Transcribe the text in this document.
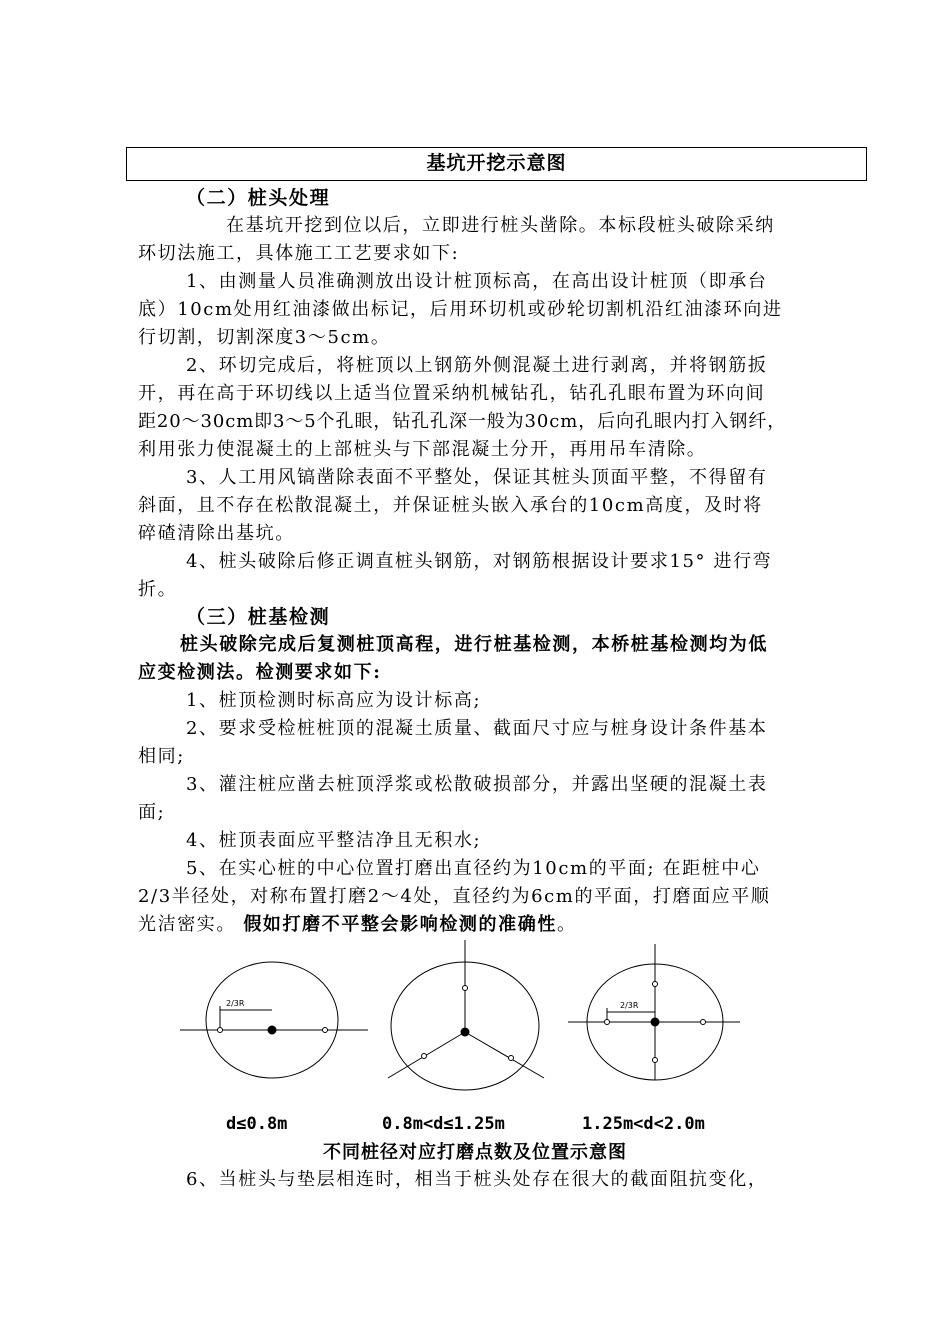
基坑开挖示意图
（二）桩头处理
在基坑开挖到位以后，立即进行桩头凿除。本标段桩头破除采纳
环切法施工，具体施工工艺要求如下:
1、由测量人员准确测放出设计桩顶标高，在高出设计桩顶（即承台
底）10cm处用红油漆做出标记，后用环切机或砂轮切割机沿红油漆环向进
行切割，切割深度3～5cm。
2、环切完成后，将桩顶以上钢筋外侧混凝土进行剥离，并将钢筋扳
开，再在高于环切线以上适当位置采纳机械钻孔，钻孔孔眼布置为环向间
距20～30cm即3～5个孔眼，钻孔孔深一般为30cm，后向孔眼内打入钢纤，
利用张力使混凝土的上部桩头与下部混凝土分开，再用吊车清除。
3、人工用风镐凿除表面不平整处，保证其桩头顶面平整，不得留有
斜面，且不存在松散混凝土，并保证桩头嵌入承台的10cm高度，及时将
碎碴清除出基坑。
4、桩头破除后修正调直桩头钢筋，对钢筋根据设计要求15° 进行弯
折。
（三）桩基检测
桩头破除完成后复测桩顶高程，进行桩基检测，本桥桩基检测均为低
应变检测法。检测要求如下:
1、桩顶检测时标高应为设计标高;
2、要求受检桩桩顶的混凝土质量、截面尺寸应与桩身设计条件基本
相同;
3、灌注桩应凿去桩顶浮浆或松散破损部分，并露出坚硬的混凝土表
面;
4、桩顶表面应平整洁净且无积水;
5、在实心桩的中心位置打磨出直径约为10cm的平面; 在距桩中心
2/3半径处，对称布置打磨2～4处，直径约为6cm的平面，打磨面应平顺
光洁密实。 假如打磨不平整会影响检测的准确性。
2/3R	2/3R
d≤0.8m	0.8m<d≤1.25m	1.25m<d<2.0m
不同桩径对应打磨点数及位置示意图
6、当桩头与垫层相连时，相当于桩头处存在很大的截面阻抗变化，
